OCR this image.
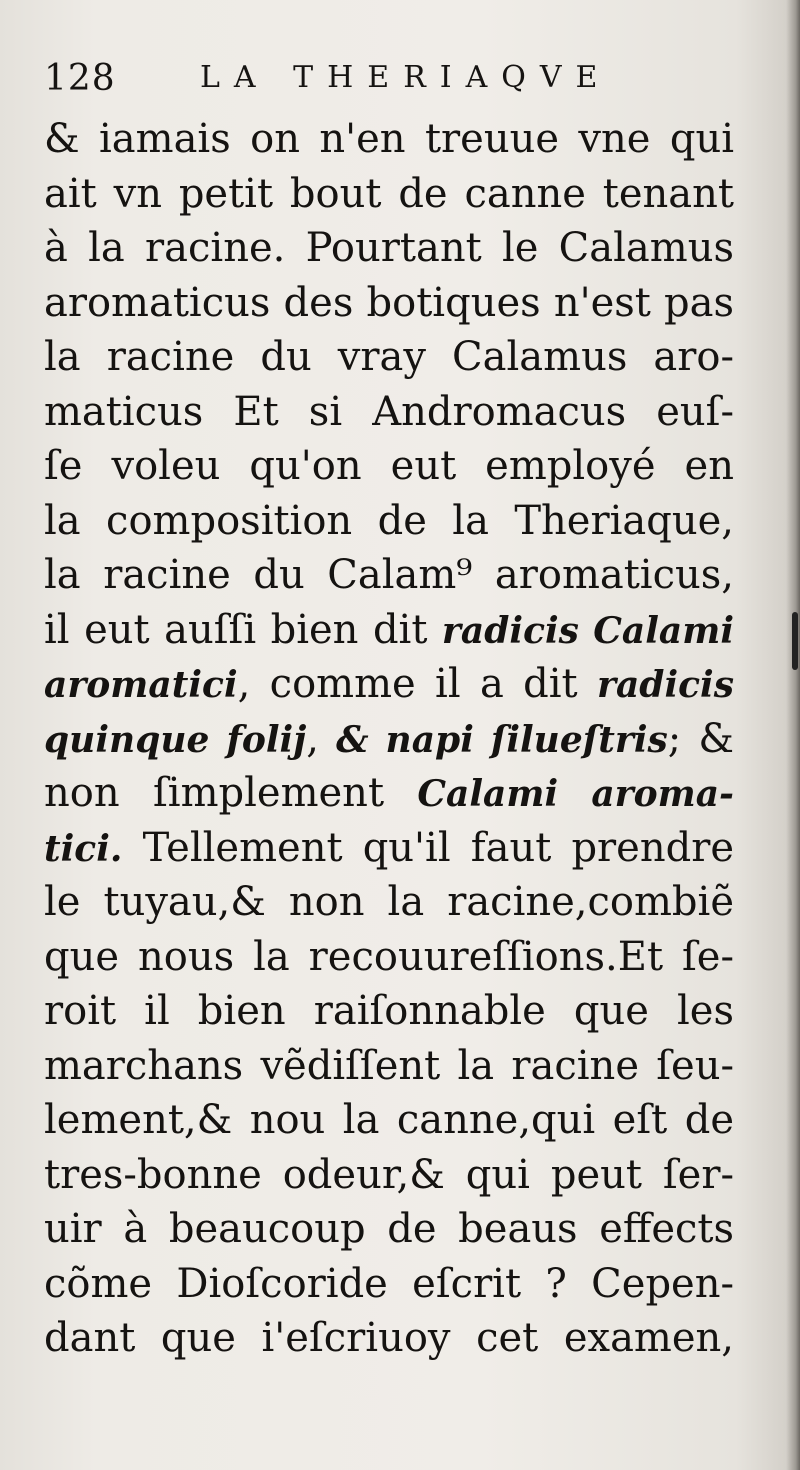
128	LA THERIAQVE
& iamais on n'en treuue vne qui
ait vn petit bout de canne tenant
à la racine. Pourtant le Calamus
aromaticus des botiques n'est pas
la racine du vray Calamus aro-
maticus Et si Andromacus euſ-
ſe voleu qu'on eut employé en
la composition de la Theriaque,
la racine du Calam⁹ aromaticus,
il eut auſſi bien dit radicis Calami
aromatici, comme il a dit radicis
quinque folij, & napi ſilueſtris; &
non ſimplement Calami aroma-
tici. Tellement qu'il faut prendre
le tuyau,& non la racine,combiẽ
que nous la recouureſſions.Et ſe-
roit il bien raiſonnable que les
marchans vẽdiſſent la racine ſeu-
lement,& nou la canne,qui eſt de
tres-bonne odeur,& qui peut ſer-
uir à beaucoup de beaus effects
cõme Dioſcoride eſcrit ? Cepen-
dant que i'eſcriuoy cet examen,
